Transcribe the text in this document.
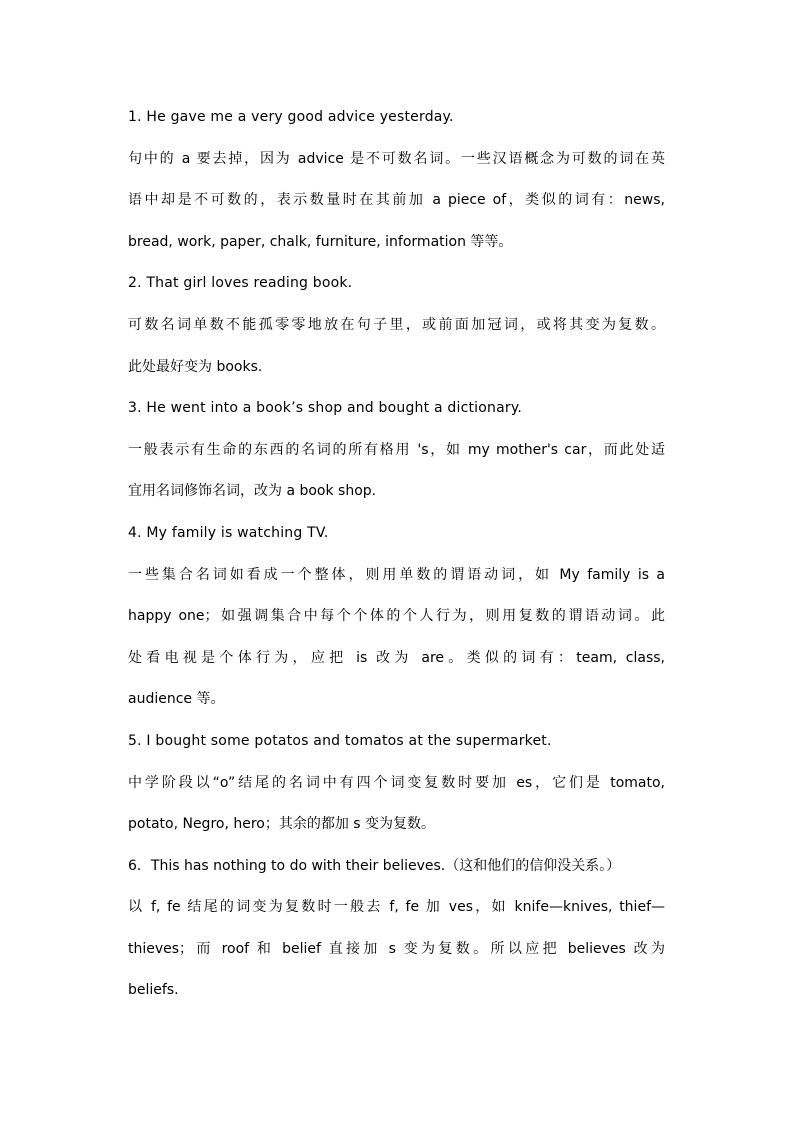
1. He gave me a very good advice yesterday.
句中的 a 要去掉，因为 advice 是不可数名词。一些汉语概念为可数的词在英
语中却是不可数的，表示数量时在其前加 a piece of，类似的词有：news,
bread, work, paper, chalk, furniture, information 等等。
2. That girl loves reading book.
可数名词单数不能孤零零地放在句子里，或前面加冠词，或将其变为复数。
此处最好变为 books.
3. He went into a book’s shop and bought a dictionary.
一般表示有生命的东西的名词的所有格用 's，如 my mother's car，而此处适
宜用名词修饰名词，改为 a book shop.
4. My family is watching TV.
一些集合名词如看成一个整体，则用单数的谓语动词，如 My family is a
happy one；如强调集合中每个个体的个人行为，则用复数的谓语动词。此
处看电视是个体行为，应把 is 改为 are。类似的词有：team, class,
audience 等。
5. I bought some potatos and tomatos at the supermarket.
中学阶段以“o”结尾的名词中有四个词变复数时要加 es，它们是 tomato,
potato, Negro, hero；其余的都加 s 变为复数。
6．This has nothing to do with their believes.（这和他们的信仰没关系。）
以 f, fe 结尾的词变为复数时一般去 f, fe 加 ves，如 knife—knives, thief—
thieves；而 roof 和 belief 直接加 s 变为复数。所以应把 believes 改为
beliefs.
